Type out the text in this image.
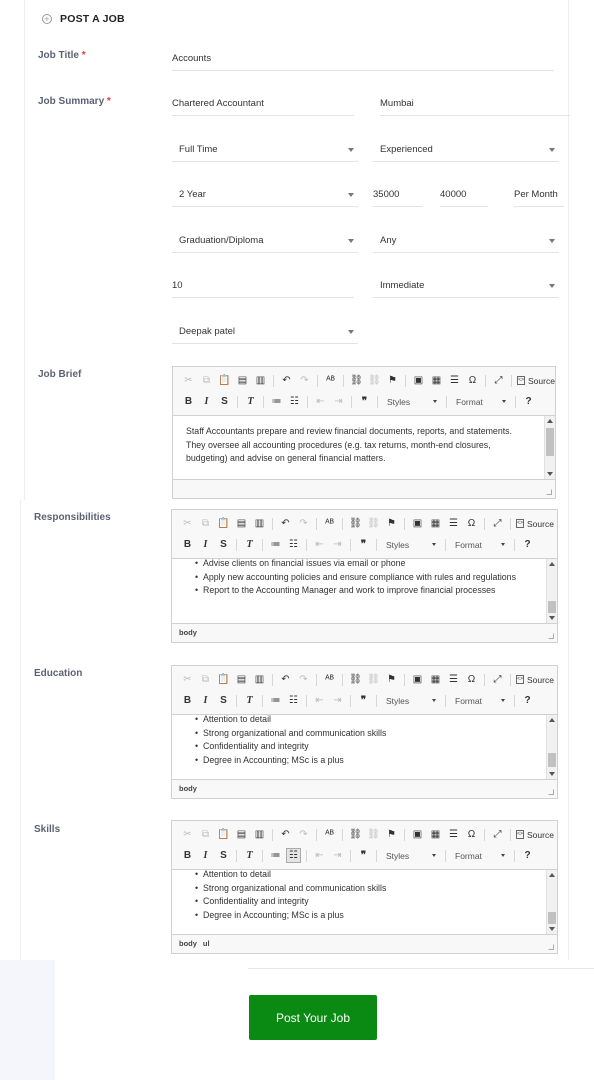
+ POST A JOB
Job Title *	Accounts
Job Summary *	Chartered Accountant	Mumbai
Full Time	Experienced
2 Year	35000	40000	Per Month
Graduation/Diploma	Any
10	Immediate
Deepak patel
Job Brief
Responsibilities
Education
Skills
✂	⧉ 📋 ▤ ▥	↶ ↷	ᴬᴮ	⛓ ⛓ ⚑	▣ ▦ ☰ Ω	⤢	<> Source
B	I	S	T	≔ ☷	⇤ ⇥	❞	Styles	Format	?

Staff Accountants prepare and review financial documents, reports, and statements. They oversee all accounting procedures (e.g. tax returns, month-end closures, budgeting) and advise on general financial matters.

✂	⧉ 📋 ▤ ▥	↶ ↷	ᴬᴮ	⛓ ⛓ ⚑	▣ ▦ ☰ Ω	⤢	<> Source
B	I	S	T	≔ ☷	⇤ ⇥	❞	Styles	Format	?
• Advise clients on financial issues via email or phone
• Apply new accounting policies and ensure compliance with rules and regulations
• Report to the Accounting Manager and work to improve financial processes
body
✂	⧉ 📋 ▤ ▥	↶ ↷	ᴬᴮ	⛓ ⛓ ⚑	▣ ▦ ☰ Ω	⤢	<> Source
B	I	S	T	≔ ☷	⇤ ⇥	❞	Styles	Format	?
• Attention to detail
• Strong organizational and communication skills
• Confidentiality and integrity
• Degree in Accounting; MSc is a plus
body
✂	⧉ 📋 ▤ ▥	↶ ↷	ᴬᴮ	⛓ ⛓ ⚑	▣ ▦ ☰ Ω	⤢	<> Source
B	I	S	T	≔ ☷	⇤ ⇥	❞	Styles	Format	?
• Attention to detail
• Strong organizational and communication skills
• Confidentiality and integrity
• Degree in Accounting; MSc is a plus
body ul
Post Your Job
